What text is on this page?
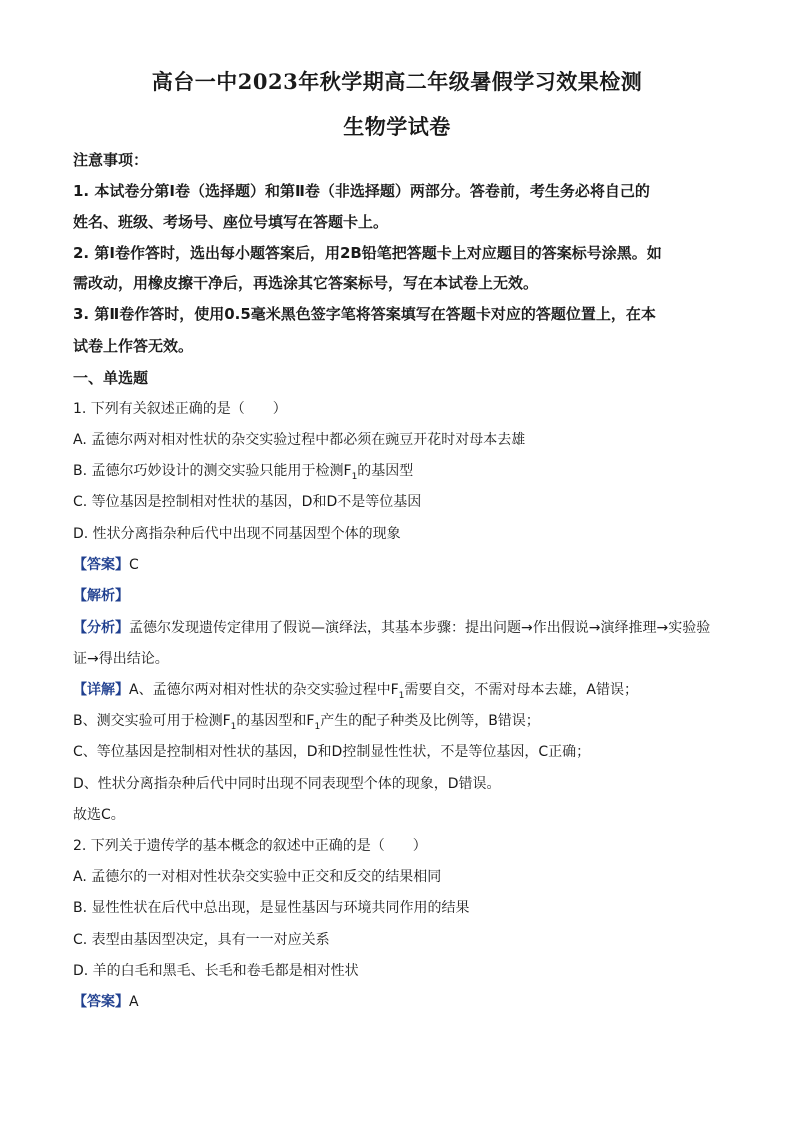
高台一中2023年秋学期高二年级暑假学习效果检测
生物学试卷
注意事项：
1. 本试卷分第Ⅰ卷（选择题）和第Ⅱ卷（非选择题）两部分。答卷前，考生务必将自己的
姓名、班级、考场号、座位号填写在答题卡上。
2. 第Ⅰ卷作答时，选出每小题答案后，用2B铅笔把答题卡上对应题目的答案标号涂黑。如
需改动，用橡皮擦干净后，再选涂其它答案标号，写在本试卷上无效。
3. 第Ⅱ卷作答时，使用0.5毫米黑色签字笔将答案填写在答题卡对应的答题位置上，在本
试卷上作答无效。
一、单选题
1. 下列有关叙述正确的是（　　）
A. 孟德尔两对相对性状的杂交实验过程中都必须在豌豆开花时对母本去雄
B. 孟德尔巧妙设计的测交实验只能用于检测$F_1$的基因型
C. 等位基因是控制相对性状的基因，D和D不是等位基因
D. 性状分离指杂种后代中出现不同基因型个体的现象
【答案】C
【解析】
【分析】孟德尔发现遗传定律用了假说—演绎法，其基本步骤：提出问题→作出假说→演绎推理→实验验
证→得出结论。
【详解】A、孟德尔两对相对性状的杂交实验过程中$F_1$需要自交，不需对母本去雄，A错误；
B、测交实验可用于检测$F_1$的基因型和$F_1$产生的配子种类及比例等，B错误；
C、等位基因是控制相对性状的基因，D和D控制显性性状，不是等位基因，C正确；
D、性状分离指杂种后代中同时出现不同表现型个体的现象，D错误。
故选C。
2. 下列关于遗传学的基本概念的叙述中正确的是（　　）
A. 孟德尔的一对相对性状杂交实验中正交和反交的结果相同
B. 显性性状在后代中总出现，是显性基因与环境共同作用的结果
C. 表型由基因型决定，具有一一对应关系
D. 羊的白毛和黑毛、长毛和卷毛都是相对性状
【答案】A
